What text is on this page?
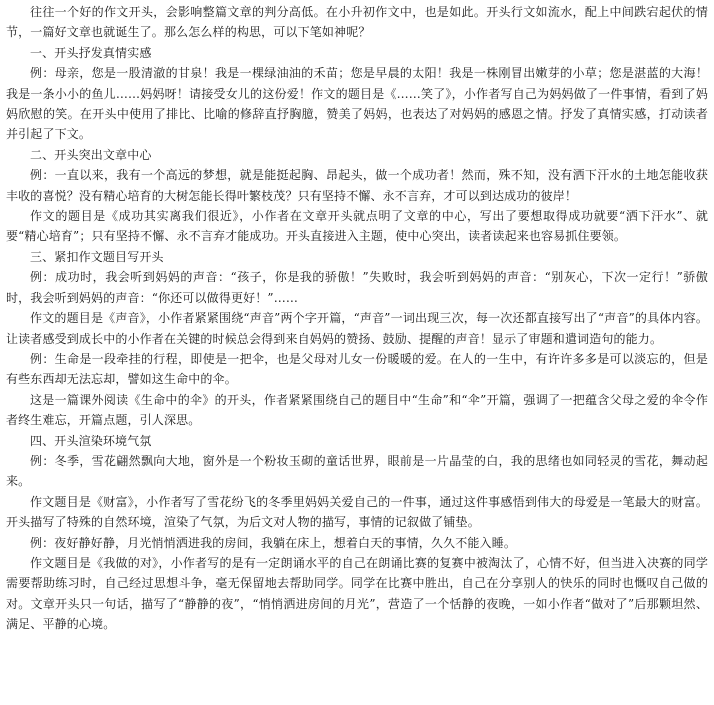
往往一个好的作文开头，会影响整篇文章的判分高低。在小升初作文中，也是如此。开头行文如流水，配上中间跌宕起伏的情节，一篇好文章也就诞生了。那么怎么样的构思，可以下笔如神呢？

一、开头抒发真情实感

例：母亲，您是一股清澈的甘泉！我是一棵绿油油的禾苗；您是早晨的太阳！我是一株刚冒出嫩芽的小草；您是湛蓝的大海！我是一条小小的鱼儿……妈妈呀！请接受女儿的这份爱！作文的题目是《……笑了》，小作者写自己为妈妈做了一件事情，看到了妈妈欣慰的笑。在开头中使用了排比、比喻的修辞直抒胸臆，赞美了妈妈，也表达了对妈妈的感恩之情。抒发了真情实感，打动读者并引起了下文。

二、开头突出文章中心

例：一直以来，我有一个高远的梦想，就是能挺起胸、昂起头，做一个成功者！然而，殊不知，没有洒下汗水的土地怎能收获丰收的喜悦？没有精心培育的大树怎能长得叶繁枝茂？只有坚持不懈、永不言弃，才可以到达成功的彼岸！

作文的题目是《成功其实离我们很近》，小作者在文章开头就点明了文章的中心，写出了要想取得成功就要“洒下汗水”、就要“精心培育”；只有坚持不懈、永不言弃才能成功。开头直接进入主题，使中心突出，读者读起来也容易抓住要领。

三、紧扣作文题目写开头

例：成功时，我会听到妈妈的声音：“孩子，你是我的骄傲！”失败时，我会听到妈妈的声音：“别灰心，下次一定行！”骄傲时，我会听到妈妈的声音：“你还可以做得更好！”……

作文的题目是《声音》，小作者紧紧围绕“声音”两个字开篇，“声音”一词出现三次，每一次还都直接写出了“声音”的具体内容。让读者感受到成长中的小作者在关键的时候总会得到来自妈妈的赞扬、鼓励、提醒的声音！显示了审题和遣词造句的能力。

例：生命是一段牵挂的行程，即使是一把伞，也是父母对儿女一份暖暖的爱。在人的一生中，有许许多多是可以淡忘的，但是有些东西却无法忘却，譬如这生命中的伞。

这是一篇课外阅读《生命中的伞》的开头，作者紧紧围绕自己的题目中“生命”和“伞”开篇，强调了一把蕴含父母之爱的伞令作者终生难忘，开篇点题，引人深思。

四、开头渲染环境气氛

例：冬季，雪花翩然飘向大地，窗外是一个粉妆玉砌的童话世界，眼前是一片晶莹的白，我的思绪也如同轻灵的雪花，舞动起来。

作文题目是《财富》，小作者写了雪花纷飞的冬季里妈妈关爱自己的一件事，通过这件事感悟到伟大的母爱是一笔最大的财富。开头描写了特殊的自然环境，渲染了气氛，为后文对人物的描写，事情的记叙做了铺垫。

例：夜好静好静，月光悄悄洒进我的房间，我躺在床上，想着白天的事情，久久不能入睡。

作文题目是《我做的对》，小作者写的是有一定朗诵水平的自己在朗诵比赛的复赛中被淘汰了，心情不好，但当进入决赛的同学需要帮助练习时，自己经过思想斗争，毫无保留地去帮助同学。同学在比赛中胜出，自己在分享别人的快乐的同时也慨叹自己做的对。文章开头只一句话，描写了“静静的夜”，“悄悄洒进房间的月光”，营造了一个恬静的夜晚，一如小作者“做对了”后那颗坦然、满足、平静的心境。
